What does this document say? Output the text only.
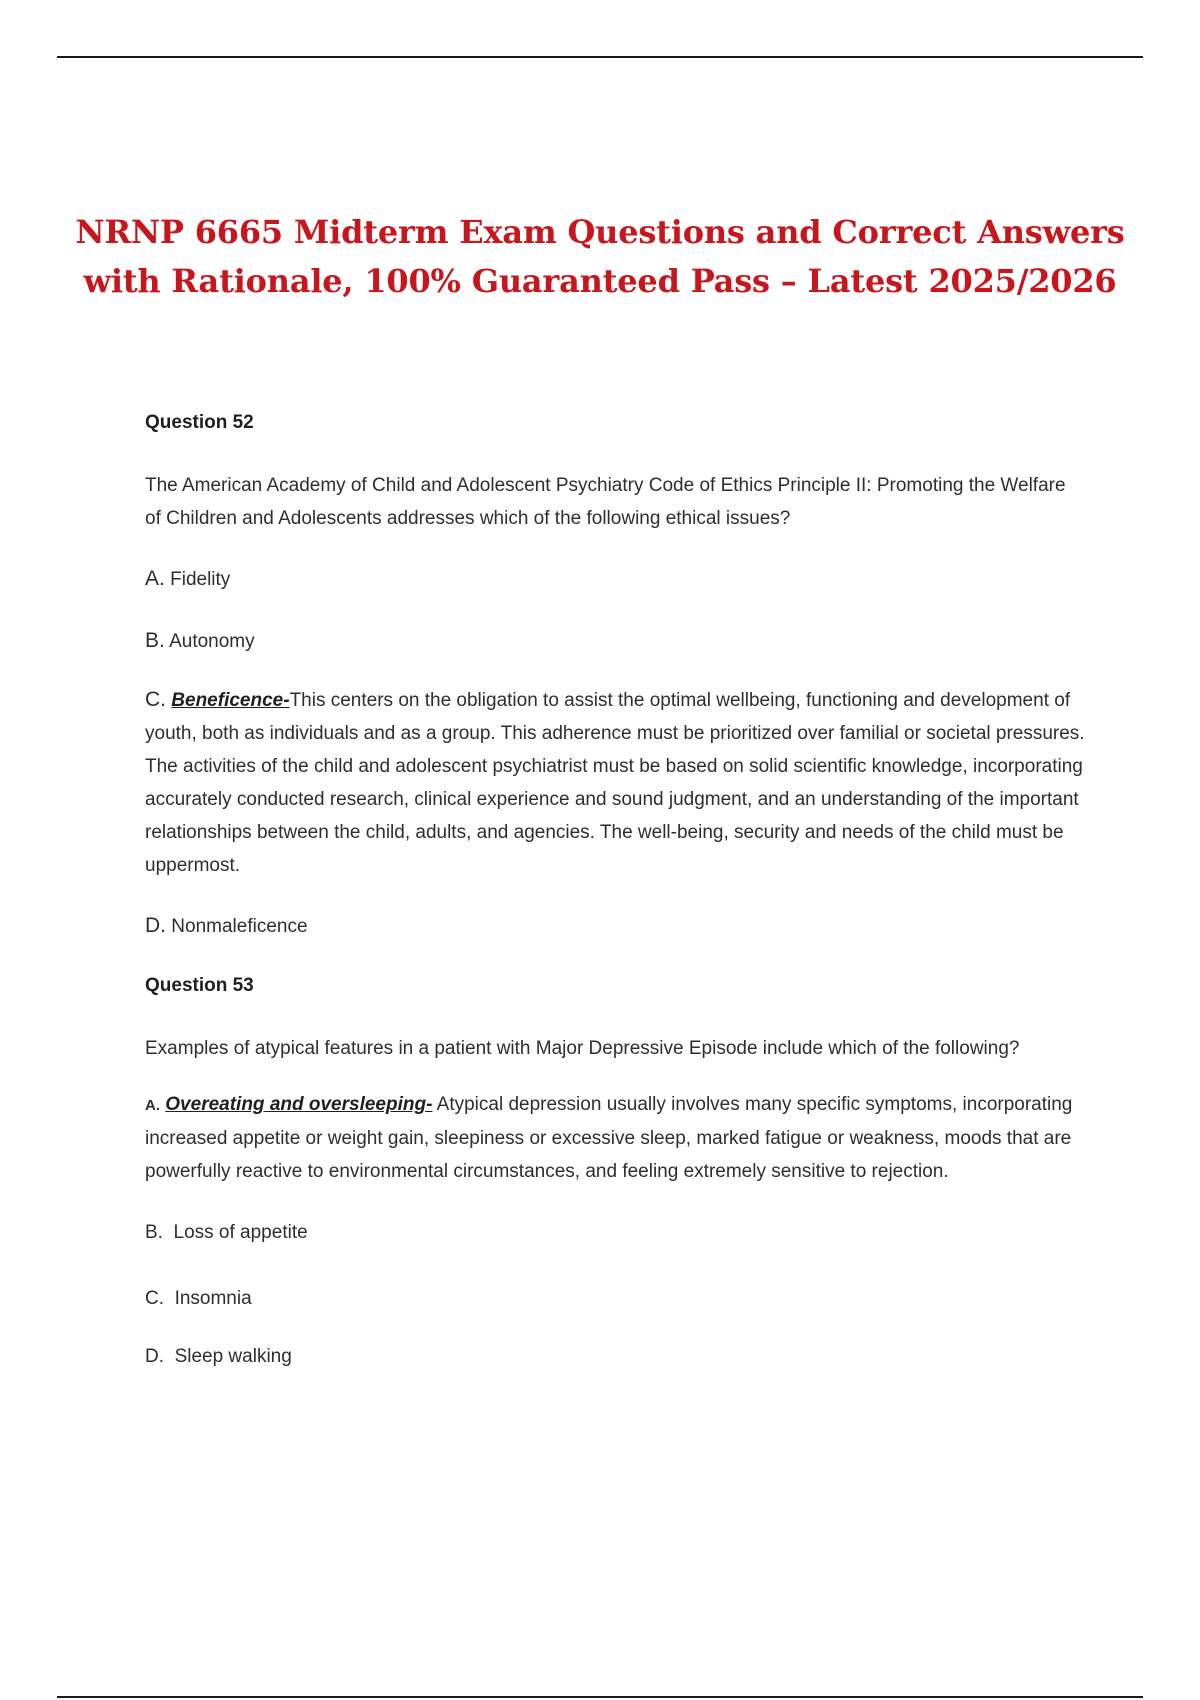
NRNP 6665 Midterm Exam Questions and Correct Answers
with Rationale, 100% Guaranteed Pass – Latest 2025/2026

Question 52

The American Academy of Child and Adolescent Psychiatry Code of Ethics Principle II: Promoting the Welfare of Children and Adolescents addresses which of the following ethical issues?

A. Fidelity

B. Autonomy

C. Beneficence-This centers on the obligation to assist the optimal wellbeing, functioning and development of youth, both as individuals and as a group. This adherence must be prioritized over familial or societal pressures. The activities of the child and adolescent psychiatrist must be based on solid scientific knowledge, incorporating accurately conducted research, clinical experience and sound judgment, and an understanding of the important relationships between the child, adults, and agencies. The well-being, security and needs of the child must be uppermost.

D. Nonmaleficence

Question 53

Examples of atypical features in a patient with Major Depressive Episode include which of the following?

A. Overeating and oversleeping- Atypical depression usually involves many specific symptoms, incorporating increased appetite or weight gain, sleepiness or excessive sleep, marked fatigue or weakness, moods that are powerfully reactive to environmental circumstances, and feeling extremely sensitive to rejection.

B. Loss of appetite

C. Insomnia

D. Sleep walking
